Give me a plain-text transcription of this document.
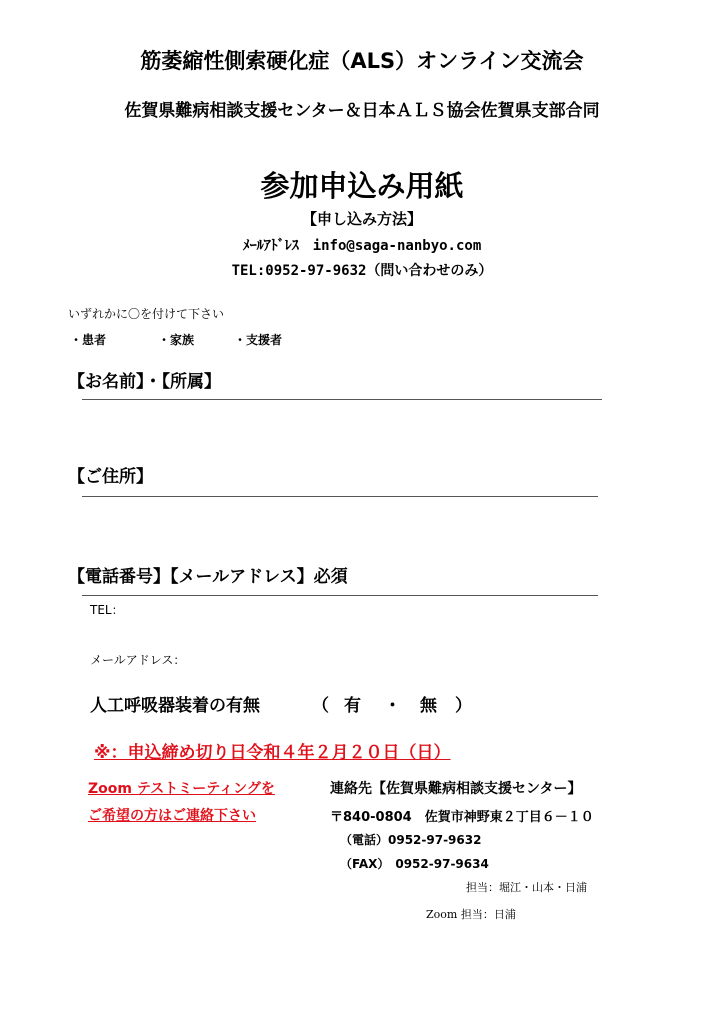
筋萎縮性側索硬化症（ALS）オンライン交流会
佐賀県難病相談支援センター＆日本ＡＬＳ協会佐賀県支部合同
参加申込み用紙
【申し込み方法】
ﾒｰﾙｱﾄﾞﾚｽ　info@saga-nanbyo.com
TEL:0952-97-9632（問い合わせのみ）
いずれかに〇を付けて下さい
・患者	・家族	・支援者
【お名前】・【所属】
【ご住所】
【電話番号】【メールアドレス】必須
TEL：
メールアドレス：
人工呼吸器装着の有無	（ 有 ・ 無 ）
※：申込締め切り日令和４年２月２０日（日）
Zoom テストミーティングを
ご希望の方はご連絡下さい
連絡先【佐賀県難病相談支援センター】
〒840-0804　佐賀市神野東２丁目６－１０
（電話）0952-97-9632
（FAX）　0952-97-9634
担当：堀江・山本・日浦
Zoom 担当：日浦
